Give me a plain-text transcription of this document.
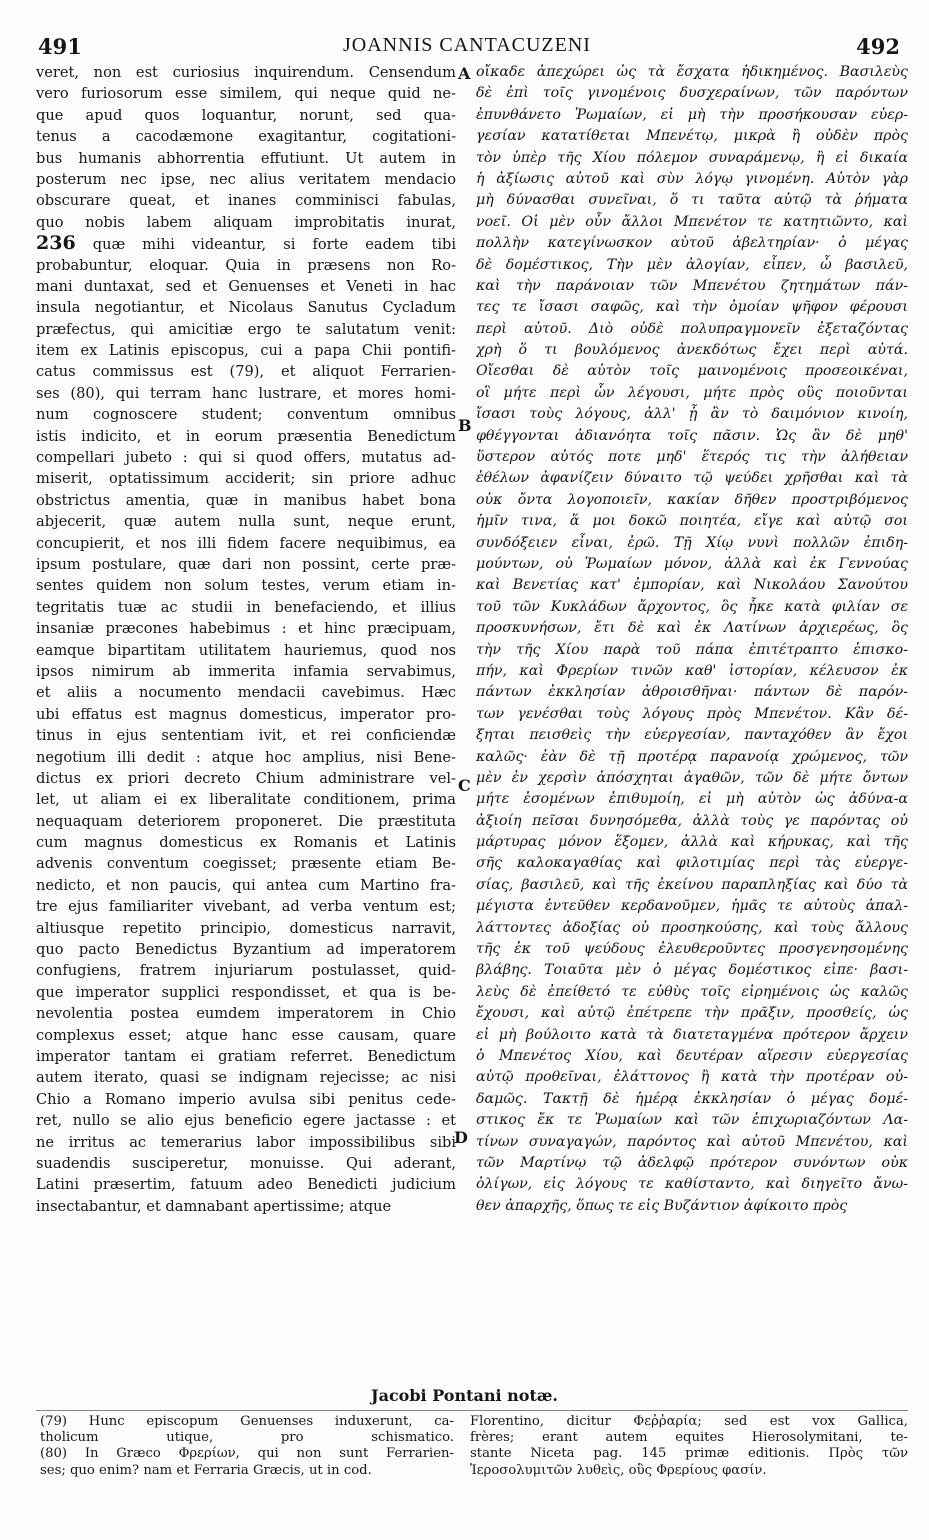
491	JOANNIS CANTACUZENI	492
veret, non est curiosius inquirendum. Censendum
vero furiosorum esse similem, qui neque quid ne-
que apud quos loquantur, norunt, sed qua-
tenus a cacodæmone exagitantur, cogitationi-
bus humanis abhorrentia effutiunt. Ut autem in
posterum nec ipse, nec alius veritatem mendacio
obscurare queat, et inanes comminisci fabulas,
quo nobis labem aliquam improbitatis inurat,
236 quæ mihi videantur, si forte eadem tibi
probabuntur, eloquar. Quia in præsens non Ro-
mani duntaxat, sed et Genuenses et Veneti in hac
insula negotiantur, et Nicolaus Sanutus Cycladum
præfectus, qui amicitiæ ergo te salutatum venit:
item ex Latinis episcopus, cui a papa Chii pontifi-
catus commissus est (79), et aliquot Ferrarien-
ses (80), qui terram hanc lustrare, et mores homi-
num cognoscere student; conventum omnibus
istis indicito, et in eorum præsentia Benedictum
compellari jubeto : qui si quod offers, mutatus ad-
miserit, optatissimum acciderit; sin priore adhuc
obstrictus amentia, quæ in manibus habet bona
abjecerit, quæ autem nulla sunt, neque erunt,
concupierit, et nos illi fidem facere nequibimus, ea
ipsum postulare, quæ dari non possint, certe præ-
sentes quidem non solum testes, verum etiam in-
tegritatis tuæ ac studii in benefaciendo, et illius
insaniæ præcones habebimus : et hinc præcipuam,
eamque bipartitam utilitatem hauriemus, quod nos
ipsos nimirum ab immerita infamia servabimus,
et aliis a nocumento mendacii cavebimus. Hæc
ubi effatus est magnus domesticus, imperator pro-
tinus in ejus sententiam ivit, et rei conficiendæ
negotium illi dedit : atque hoc amplius, nisi Bene-
dictus ex priori decreto Chium administrare vel-
let, ut aliam ei ex liberalitate conditionem, prima
nequaquam deteriorem proponeret. Die præstituta
cum magnus domesticus ex Romanis et Latinis
advenis conventum coegisset; præsente etiam Be-
nedicto, et non paucis, qui antea cum Martino fra-
tre ejus familiariter vivebant, ad verba ventum est;
altiusque repetito principio, domesticus narravit,
quo pacto Benedictus Byzantium ad imperatorem
confugiens, fratrem injuriarum postulasset, quid-
que imperator supplici respondisset, et qua is be-
nevolentia postea eumdem imperatorem in Chio
complexus esset; atque hanc esse causam, quare
imperator tantam ei gratiam referret. Benedictum
autem iterato, quasi se indignam rejecisse; ac nisi
Chio a Romano imperio avulsa sibi penitus cede-
ret, nullo se alio ejus beneficio egere jactasse : et
ne irritus ac temerarius labor impossibilibus sibi
suadendis susciperetur, monuisse. Qui aderant,
Latini præsertim, fatuum adeo Benedicti judicium
insectabantur, et damnabant apertissime; atque
οἴκαδε ἀπεχώρει ὡς τὰ ἔσχατα ἠδικημένος. Βασιλεὺς
δὲ ἐπὶ τοῖς γινομένοις δυσχεραίνων, τῶν παρόντων
ἐπυνθάνετο Ῥωμαίων, εἰ μὴ τὴν προσήκουσαν εὐερ-
γεσίαν κατατίθεται Μπενέτῳ, μικρὰ ἢ οὐδὲν πρὸς
τὸν ὑπὲρ τῆς Χίου πόλεμον συναράμενῳ, ἢ εἰ δικαία
ἡ ἀξίωσις αὐτοῦ καὶ σὺν λόγῳ γινομένη. Αὐτὸν γὰρ
μὴ δύνασθαι συνεῖναι, ὅ τι ταῦτα αὐτῷ τὰ ῥήματα
νοεῖ. Οἱ μὲν οὖν ἄλλοι Μπενέτον τε κατητιῶντο, καὶ
πολλὴν κατεγίνωσκον αὐτοῦ ἀβελτηρίαν· ὁ μέγας
δὲ δομέστικος, Τὴν μὲν ἀλογίαν, εἶπεν, ὦ βασιλεῦ,
καὶ τὴν παράνοιαν τῶν Μπενέτου ζητημάτων πάν-
τες τε ἴσασι σαφῶς, καὶ τὴν ὁμοίαν ψῆφον φέρουσι
περὶ αὐτοῦ. Διὸ οὐδὲ πολυπραγμονεῖν ἐξεταζόντας
χρὴ ὅ τι βουλόμενος ἀνεκδότως ἔχει περὶ αὐτά.
Οἴεσθαι δὲ αὐτὸν τοῖς μαινομένοις προσεοικέναι,
οἳ μήτε περὶ ὧν λέγουσι, μήτε πρὸς οὓς ποιοῦνται
ἴσασι τοὺς λόγους, ἀλλ' ᾗ ἂν τὸ δαιμόνιον κινοίη,
φθέγγονται ἀδιανόητα τοῖς πᾶσιν. Ὡς ἂν δὲ μηθ'
ὕστερον αὐτός ποτε μηδ' ἕτερός τις τὴν ἀλήθειαν
ἐθέλων ἀφανίζειν δύναιτο τῷ ψεύδει χρῆσθαι καὶ τὰ
οὐκ ὄντα λογοποιεῖν, κακίαν δῆθεν προστριβόμενος
ἡμῖν τινα, ἅ μοι δοκῶ ποιητέα, εἴγε καὶ αὐτῷ σοι
συνδόξειεν εἶναι, ἐρῶ. Τῇ Χίῳ νυνὶ πολλῶν ἐπιδη-
μούντων, οὐ Ῥωμαίων μόνον, ἀλλὰ καὶ ἐκ Γεννούας
καὶ Βενετίας κατ' ἐμπορίαν, καὶ Νικολάου Σανούτου
τοῦ τῶν Κυκλάδων ἄρχοντος, ὃς ἧκε κατὰ φιλίαν σε
προσκυνήσων, ἔτι δὲ καὶ ἐκ Λατίνων ἀρχιερέως, ὃς
τὴν τῆς Χίου παρὰ τοῦ πάπα ἐπιτέτραπτο ἐπισκο-
πήν, καὶ Φρερίων τινῶν καθ' ἱστορίαν, κέλευσον ἐκ
πάντων ἐκκλησίαν ἀθροισθῆναι· πάντων δὲ παρόν-
των γενέσθαι τοὺς λόγους πρὸς Μπενέτον. Κἂν δέ-
ξηται πεισθεὶς τὴν εὐεργεσίαν, πανταχόθεν ἂν ἔχοι
καλῶς· ἐὰν δὲ τῇ προτέρᾳ παρανοίᾳ χρώμενος, τῶν
μὲν ἐν χερσὶν ἀπόσχηται ἀγαθῶν, τῶν δὲ μήτε ὄντων
μήτε ἐσομένων ἐπιθυμοίη, εἰ μὴ αὐτὸν ὡς ἀδύνα-α
ἀξιοίη πεῖσαι δυνησόμεθα, ἀλλὰ τοὺς γε παρόντας οὐ
μάρτυρας μόνον ἕξομεν, ἀλλὰ καὶ κήρυκας, καὶ τῆς
σῆς καλοκαγαθίας καὶ φιλοτιμίας περὶ τὰς εὐεργε-
σίας, βασιλεῦ, καὶ τῆς ἐκείνου παραπληξίας καὶ δύο τὰ
μέγιστα ἐντεῦθεν κερδανοῦμεν, ἡμᾶς τε αὐτοὺς ἀπαλ-
λάττοντες ἀδοξίας οὐ προσηκούσης, καὶ τοὺς ἄλλους
τῆς ἐκ τοῦ ψεύδους ἐλευθεροῦντες προσγενησομένης
βλάβης. Τοιαῦτα μὲν ὁ μέγας δομέστικος εἰπε· βασι-
λεὺς δὲ ἐπείθετό τε εὐθὺς τοῖς εἰρημένοις ὡς καλῶς
ἔχουσι, καὶ αὐτῷ ἐπέτρεπε τὴν πρᾶξιν, προσθείς, ὡς
εἰ μὴ βούλοιτο κατὰ τὰ διατεταγμένα πρότερον ἄρχειν
ὁ Μπενέτος Χίου, καὶ δευτέραν αἵρεσιν εὐεργεσίας
αὐτῷ προθεῖναι, ἐλάττονος ἢ κατὰ τὴν προτέραν οὐ-
δαμῶς. Τακτῇ δὲ ἡμέρᾳ ἐκκλησίαν ὁ μέγας δομέ-
στικος ἔκ τε Ῥωμαίων καὶ τῶν ἐπιχωριαζόντων Λα-
τίνων συναγαγών, παρόντος καὶ αὐτοῦ Μπενέτου, καὶ
τῶν Μαρτίνῳ τῷ ἀδελφῷ πρότερον συνόντων οὐκ
ὀλίγων, εἰς λόγους τε καθίσταντο, καὶ διηγεῖτο ἄνω-
θεν ἀπαρχῆς, ὅπως τε εἰς Βυζάντιον ἀφίκοιτο πρὸς
A
B
C
D
Jacobi Pontani notæ.
(79) Hunc episcopum Genuenses induxerunt, ca-
tholicum utique, pro schismatico.
(80) In Græco Φρερίων, qui non sunt Ferrarien-
ses; quo enim? nam et Ferraria Græcis, ut in cod.
Florentino, dicitur Φεῤῥαρία; sed est vox Gallica,
frères; erant autem equites Hierosolymitani, te-
stante Niceta pag. 145 primæ editionis. Πρὸς τῶν
Ἱεροσολυμιτῶν λυθεὶς, οὓς Φρερίους φασίν.
